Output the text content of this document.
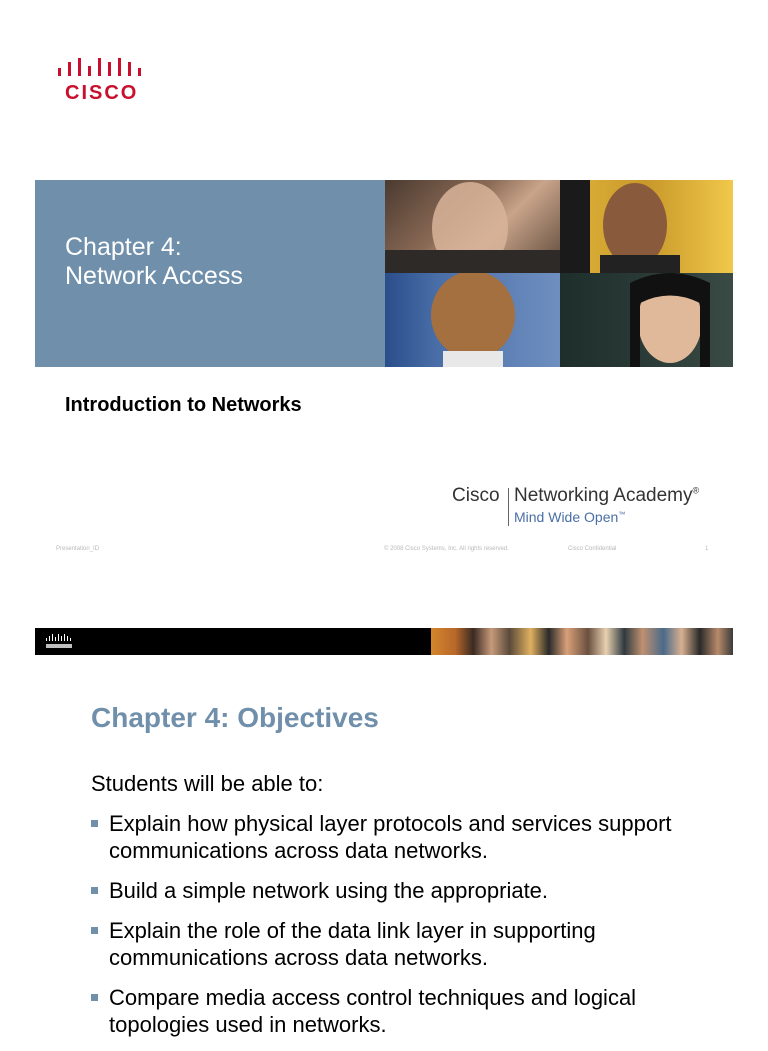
CISCO
Chapter 4:
Network Access
Introduction to Networks
Cisco Networking Academy®
Mind Wide Open™
Presentation_ID	© 2008 Cisco Systems, Inc. All rights reserved.	Cisco Confidential	1
Chapter 4: Objectives
Students will be able to:
Explain how physical layer protocols and services support communications across data networks.
Build a simple network using the appropriate.
Explain the role of the data link layer in supporting communications across data networks.
Compare media access control techniques and logical topologies used in networks.
